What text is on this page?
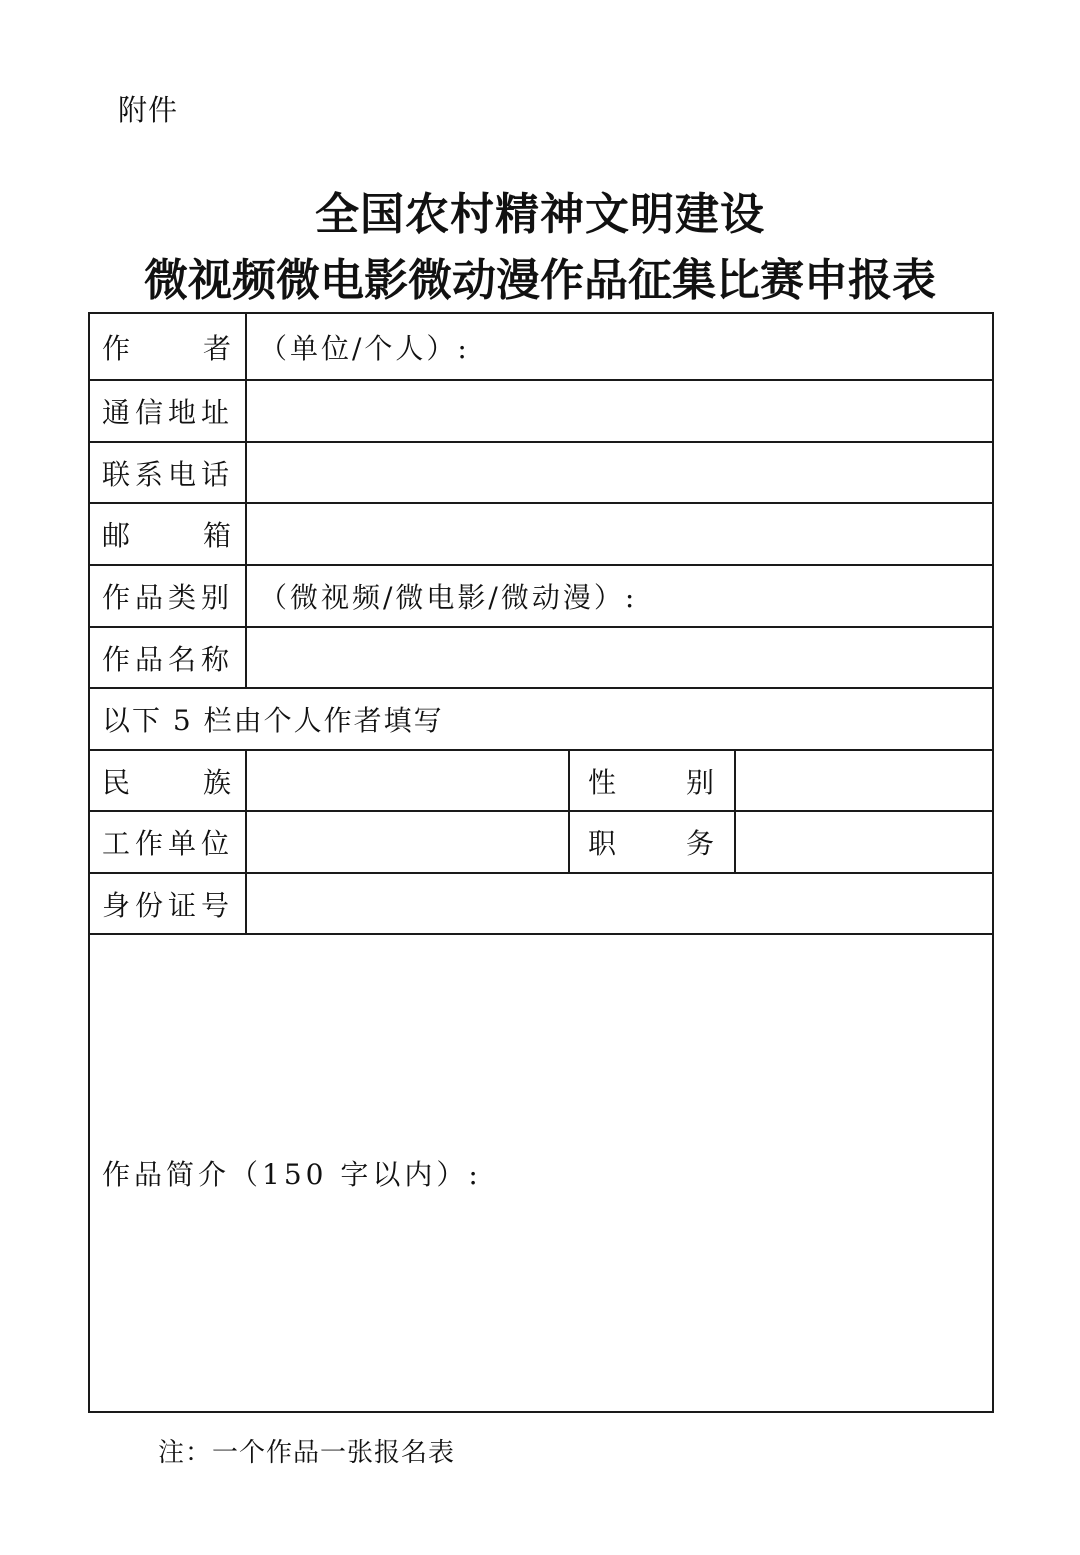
附件
全国农村精神文明建设
微视频微电影微动漫作品征集比赛申报表
作 者	（单位/个人）:		
通信地址			
联系电话			

邮 箱			

作品类别	（微视频/微电影/微动漫）:		
作品名称			
以下 5 栏由个人作者填写			

民 族		性 别	

工作单位		职 务	

身份证号			
作品简介（150 字以内）:			
注：一个作品一张报名表
